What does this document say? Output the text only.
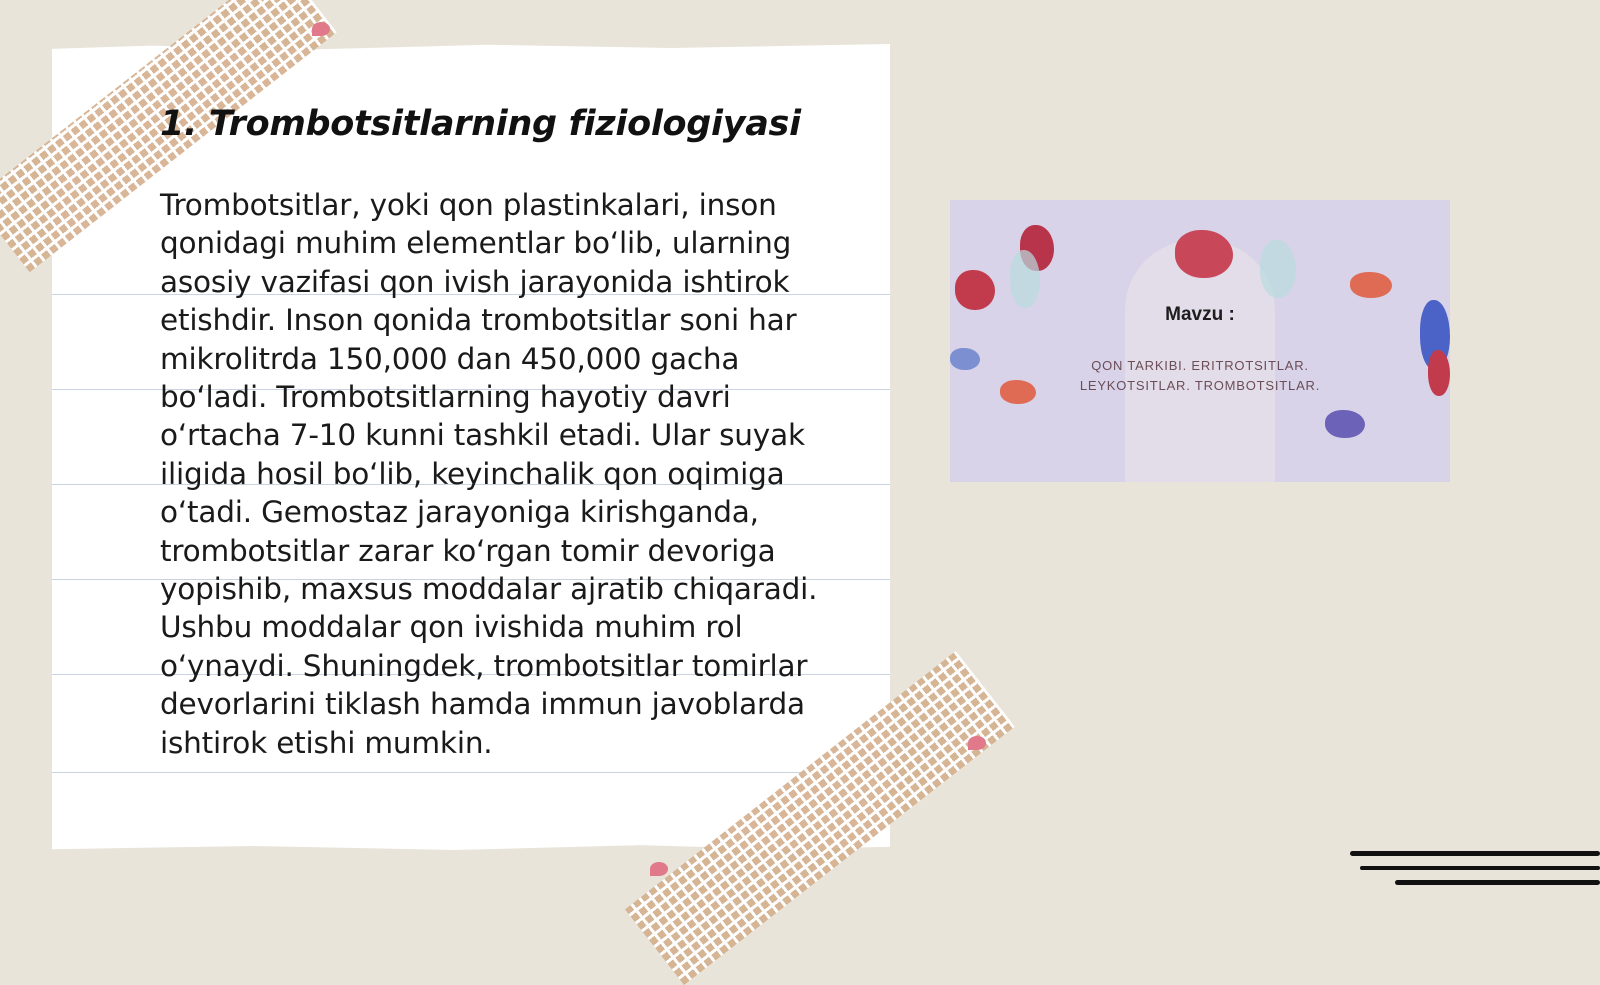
1. Trombotsitlarning fiziologiyasi

Trombotsitlar, yoki qon plastinkalari, inson qonidagi muhim elementlar bo‘lib, ularning asosiy vazifasi qon ivish jarayonida ishtirok etishdir. Inson qonida trombotsitlar soni har mikrolitrda 150,000 dan 450,000 gacha bo‘ladi. Trombotsitlarning hayotiy davri o‘rtacha 7-10 kunni tashkil etadi. Ular suyak iligida hosil bo‘lib, keyinchalik qon oqimiga o‘tadi. Gemostaz jarayoniga kirishganda, trombotsitlar zarar ko‘rgan tomir devoriga yopishib, maxsus moddalar ajratib chiqaradi. Ushbu moddalar qon ivishida muhim rol o‘ynaydi. Shuningdek, trombotsitlar tomirlar devorlarini tiklash hamda immun javoblarda ishtirok etishi mumkin.

Mavzu :
QON TARKIBI. ERITROTSITLAR.
LEYKOTSITLAR. TROMBOTSITLAR.
